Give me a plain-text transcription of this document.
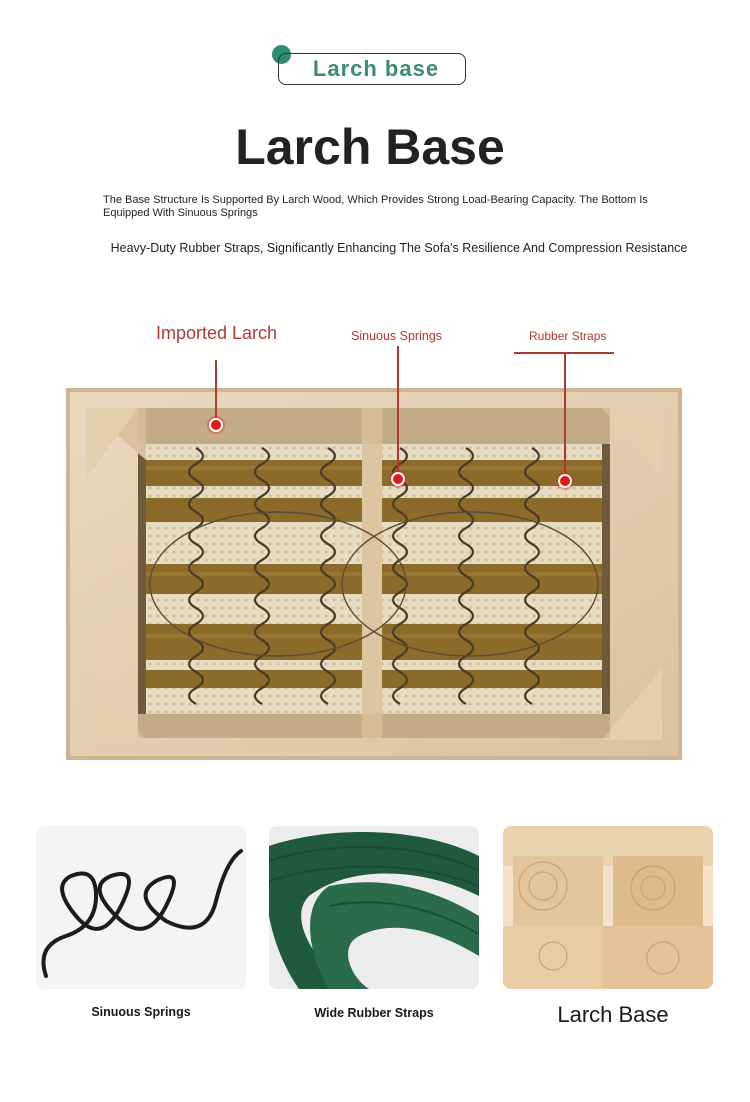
Larch base
Larch Base
The Base Structure Is Supported By Larch Wood, Which Provides Strong Load-Bearing Capacity. The Bottom Is Equipped With Sinuous Springs
Heavy-Duty Rubber Straps, Significantly Enhancing The Sofa's Resilience And Compression Resistance
Imported Larch	Sinuous Springs	Rubber Straps
Sinuous Springs	Wide Rubber Straps	Larch Base
